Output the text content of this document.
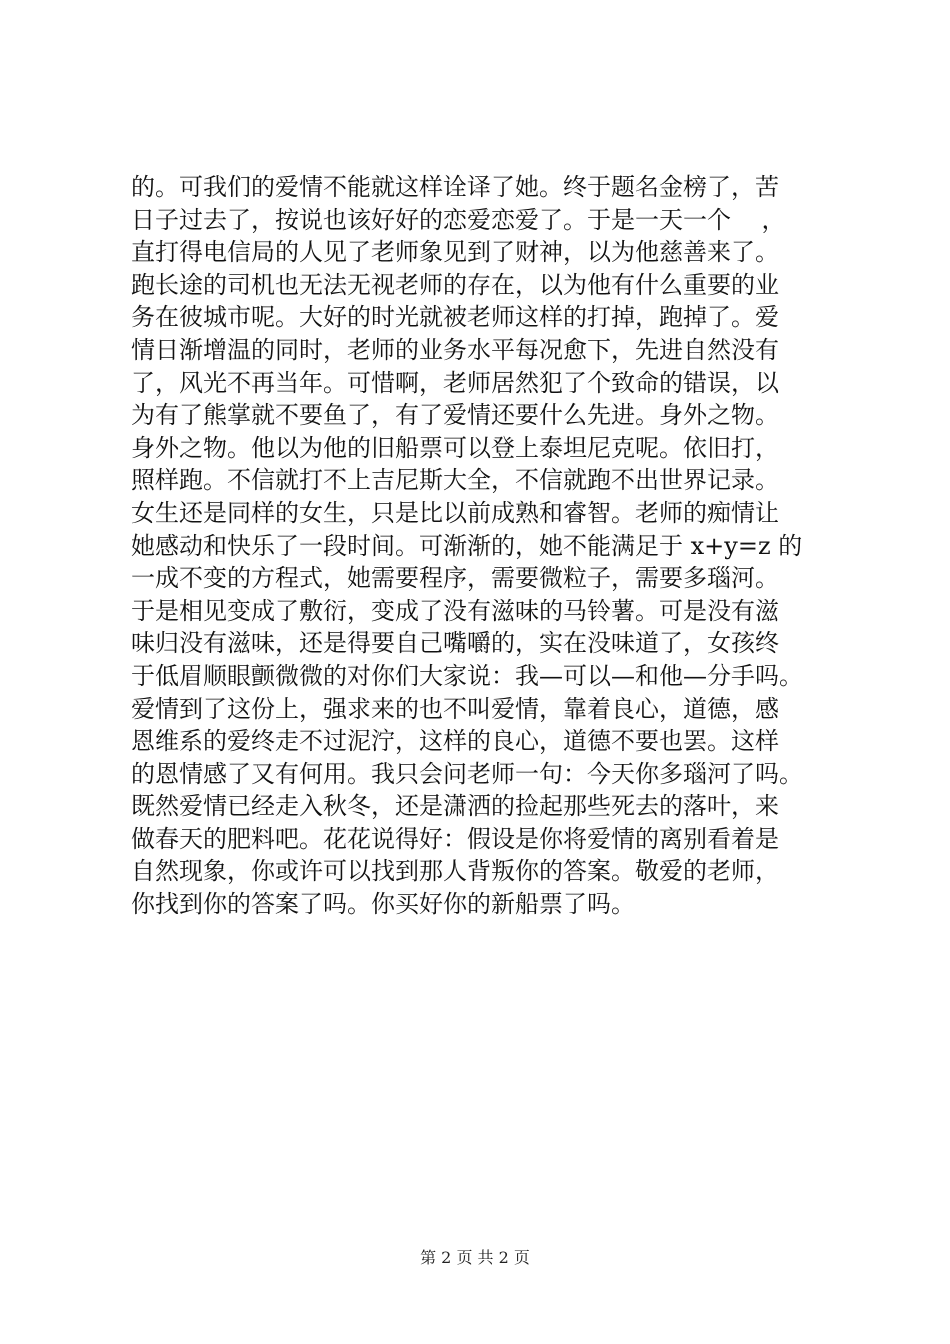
的。可我们的爱情不能就这样诠译了她。终于题名金榜了，苦
日子过去了，按说也该好好的恋爱恋爱了。于是一天一个    ，
直打得电信局的人见了老师象见到了财神，以为他慈善来了。
跑长途的司机也无法无视老师的存在，以为他有什么重要的业
务在彼城市呢。大好的时光就被老师这样的打掉，跑掉了。爱
情日渐增温的同时，老师的业务水平每况愈下，先进自然没有
了，风光不再当年。可惜啊，老师居然犯了个致命的错误，以
为有了熊掌就不要鱼了，有了爱情还要什么先进。身外之物。
身外之物。他以为他的旧船票可以登上泰坦尼克呢。依旧打，
照样跑。不信就打不上吉尼斯大全，不信就跑不出世界记录。
女生还是同样的女生，只是比以前成熟和睿智。老师的痴情让
她感动和快乐了一段时间。可渐渐的，她不能满足于 x+y=z 的
一成不变的方程式，她需要程序，需要微粒子，需要多瑙河。
于是相见变成了敷衍，变成了没有滋味的马铃薯。可是没有滋
味归没有滋味，还是得要自己嘴嚼的，实在没味道了，女孩终
于低眉顺眼颤微微的对你们大家说：我—可以—和他—分手吗。
爱情到了这份上，强求来的也不叫爱情，靠着良心，道德，感
恩维系的爱终走不过泥泞，这样的良心，道德不要也罢。这样
的恩情感了又有何用。我只会问老师一句：今天你多瑙河了吗。
既然爱情已经走入秋冬，还是潇洒的捡起那些死去的落叶，来
做春天的肥料吧。花花说得好：假设是你将爱情的离别看着是
自然现象，你或许可以找到那人背叛你的答案。敬爱的老师，
你找到你的答案了吗。你买好你的新船票了吗。
第 2 页 共 2 页
